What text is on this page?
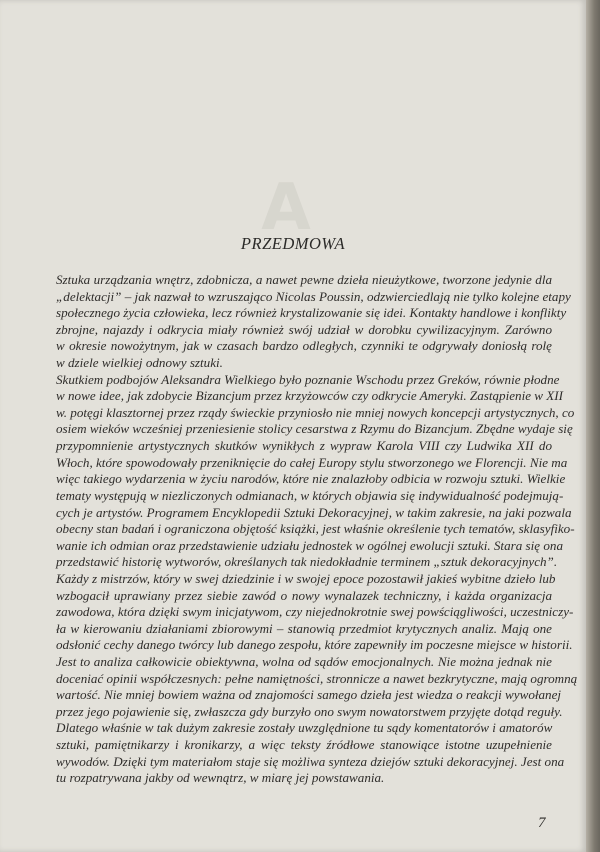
A
PRZEDMOWA
Sztuka urządzania wnętrz, zdobnicza, a nawet pewne dzieła nieużytkowe, tworzone jedynie dla
„delektacji” – jak nazwał to wzruszająco Nicolas Poussin, odzwierciedlają nie tylko kolejne etapy
społecznego życia człowieka, lecz również krystalizowanie się idei. Kontakty handlowe i konflikty
zbrojne, najazdy i odkrycia miały również swój udział w dorobku cywilizacyjnym. Zarówno
w okresie nowożytnym, jak w czasach bardzo odległych, czynniki te odgrywały doniosłą rolę
w dziele wielkiej odnowy sztuki.
Skutkiem podbojów Aleksandra Wielkiego było poznanie Wschodu przez Greków, równie płodne
w nowe idee, jak zdobycie Bizancjum przez krzyżowców czy odkrycie Ameryki. Zastąpienie w XII
w. potęgi klasztornej przez rządy świeckie przyniosło nie mniej nowych koncepcji artystycznych, co
osiem wieków wcześniej przeniesienie stolicy cesarstwa z Rzymu do Bizancjum. Zbędne wydaje się
przypomnienie artystycznych skutków wynikłych z wypraw Karola VIII czy Ludwika XII do
Włoch, które spowodowały przeniknięcie do całej Europy stylu stworzonego we Florencji. Nie ma
więc takiego wydarzenia w życiu narodów, które nie znalazłoby odbicia w rozwoju sztuki. Wielkie
tematy występują w niezliczonych odmianach, w których objawia się indywidualność podejmują-
cych je artystów. Programem Encyklopedii Sztuki Dekoracyjnej, w takim zakresie, na jaki pozwala
obecny stan badań i ograniczona objętość książki, jest właśnie określenie tych tematów, sklasyfiko-
wanie ich odmian oraz przedstawienie udziału jednostek w ogólnej ewolucji sztuki. Stara się ona
przedstawić historię wytworów, określanych tak niedokładnie terminem „sztuk dekoracyjnych”.
Każdy z mistrzów, który w swej dziedzinie i w swojej epoce pozostawił jakieś wybitne dzieło lub
wzbogacił uprawiany przez siebie zawód o nowy wynalazek techniczny, i każda organizacja
zawodowa, która dzięki swym inicjatywom, czy niejednokrotnie swej powściągliwości, uczestniczy-
ła w kierowaniu działaniami zbiorowymi – stanowią przedmiot krytycznych analiz. Mają one
odsłonić cechy danego twórcy lub danego zespołu, które zapewniły im poczesne miejsce w historii.
Jest to analiza całkowicie obiektywna, wolna od sądów emocjonalnych. Nie można jednak nie
doceniać opinii współczesnych: pełne namiętności, stronnicze a nawet bezkrytyczne, mają ogromną
wartość. Nie mniej bowiem ważna od znajomości samego dzieła jest wiedza o reakcji wywołanej
przez jego pojawienie się, zwłaszcza gdy burzyło ono swym nowatorstwem przyjęte dotąd reguły.
Dlatego właśnie w tak dużym zakresie zostały uwzględnione tu sądy komentatorów i amatorów
sztuki, pamiętnikarzy i kronikarzy, a więc teksty źródłowe stanowiące istotne uzupełnienie
wywodów. Dzięki tym materiałom staje się możliwa synteza dziejów sztuki dekoracyjnej. Jest ona
tu rozpatrywana jakby od wewnątrz, w miarę jej powstawania.
7
